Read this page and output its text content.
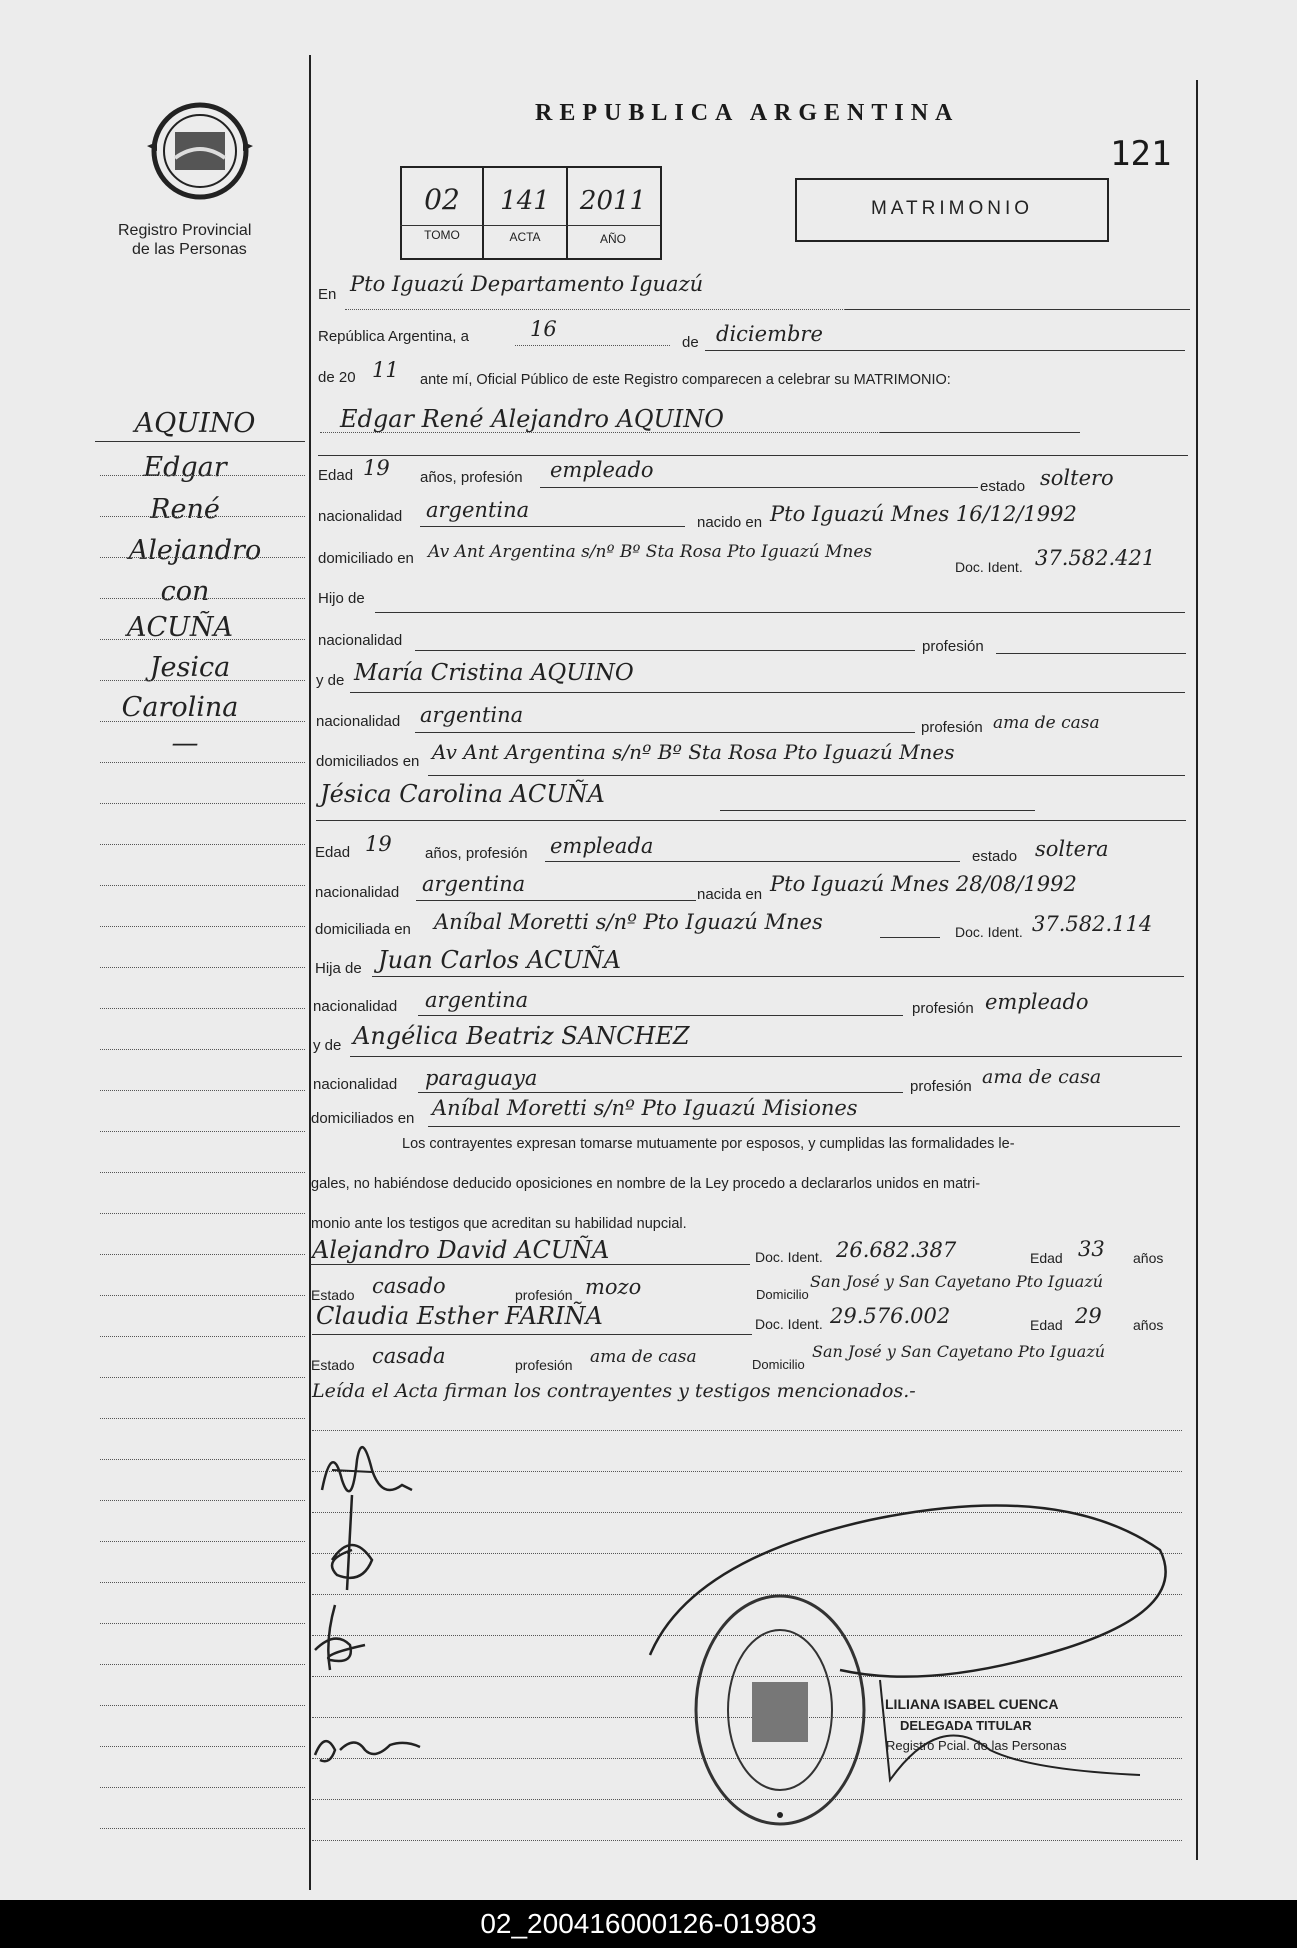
Registro Provincial
de las Personas
REPUBLICA ARGENTINA
121
02	141	2011
TOMO	ACTA	AÑO
MATRIMONIO
AQUINO
Edgar
René
Alejandro
con
ACUÑA
Jesica
Carolina
—
En Pto Iguazú Departamento Iguazú
República Argentina, a	16
de diciembre
de 20 11 ante mí, Oficial Público de este Registro comparecen a celebrar su MATRIMONIO:
Edgar René Alejandro AQUINO
Edad 19 años, profesión empleado
estado soltero
nacionalidad argentina
nacido en Pto Iguazú Mnes 16/12/1992
domiciliado en Av Ant Argentina s/nº Bº Sta Rosa Pto Iguazú Mnes
Doc. Ident. 37.582.421
Hijo de
nacionalidad	profesión
y de María Cristina AQUINO
nacionalidad argentina
profesión ama de casa
domiciliados en Av Ant Argentina s/nº Bº Sta Rosa Pto Iguazú Mnes
Jésica Carolina ACUÑA
Edad 19 años, profesión empleada	estado soltera
nacionalidad argentina	nacida en Pto Iguazú Mnes 28/08/1992
domiciliada en Aníbal Moretti s/nº Pto Iguazú Mnes	Doc. Ident. 37.582.114
Hija de Juan Carlos ACUÑA
nacionalidad argentina	profesión empleado
y de Angélica Beatriz SANCHEZ
nacionalidad paraguaya	profesión ama de casa
domiciliados en Aníbal Moretti s/nº Pto Iguazú Misiones
Los contrayentes expresan tomarse mutuamente por esposos, y cumplidas las formalidades le-
gales, no habiéndose deducido oposiciones en nombre de la Ley procedo a declararlos unidos en matri-
monio ante los testigos que acreditan su habilidad nupcial.
Alejandro David ACUÑA	Doc. Ident. 26.682.387	Edad 33 años
Estado casado	profesión mozo	Domicilio
San José y San Cayetano Pto Iguazú
Claudia Esther FARIÑA	Doc. Ident. 29.576.002	Edad 29 años
Estado casada	profesión ama de casa	Domicilio
San José y San Cayetano Pto Iguazú
Leída el Acta firman los contrayentes y testigos mencionados.-
LILIANA ISABEL CUENCA
DELEGADA TITULAR
Registro Pcial. de las Personas
02_200416000126-019803
